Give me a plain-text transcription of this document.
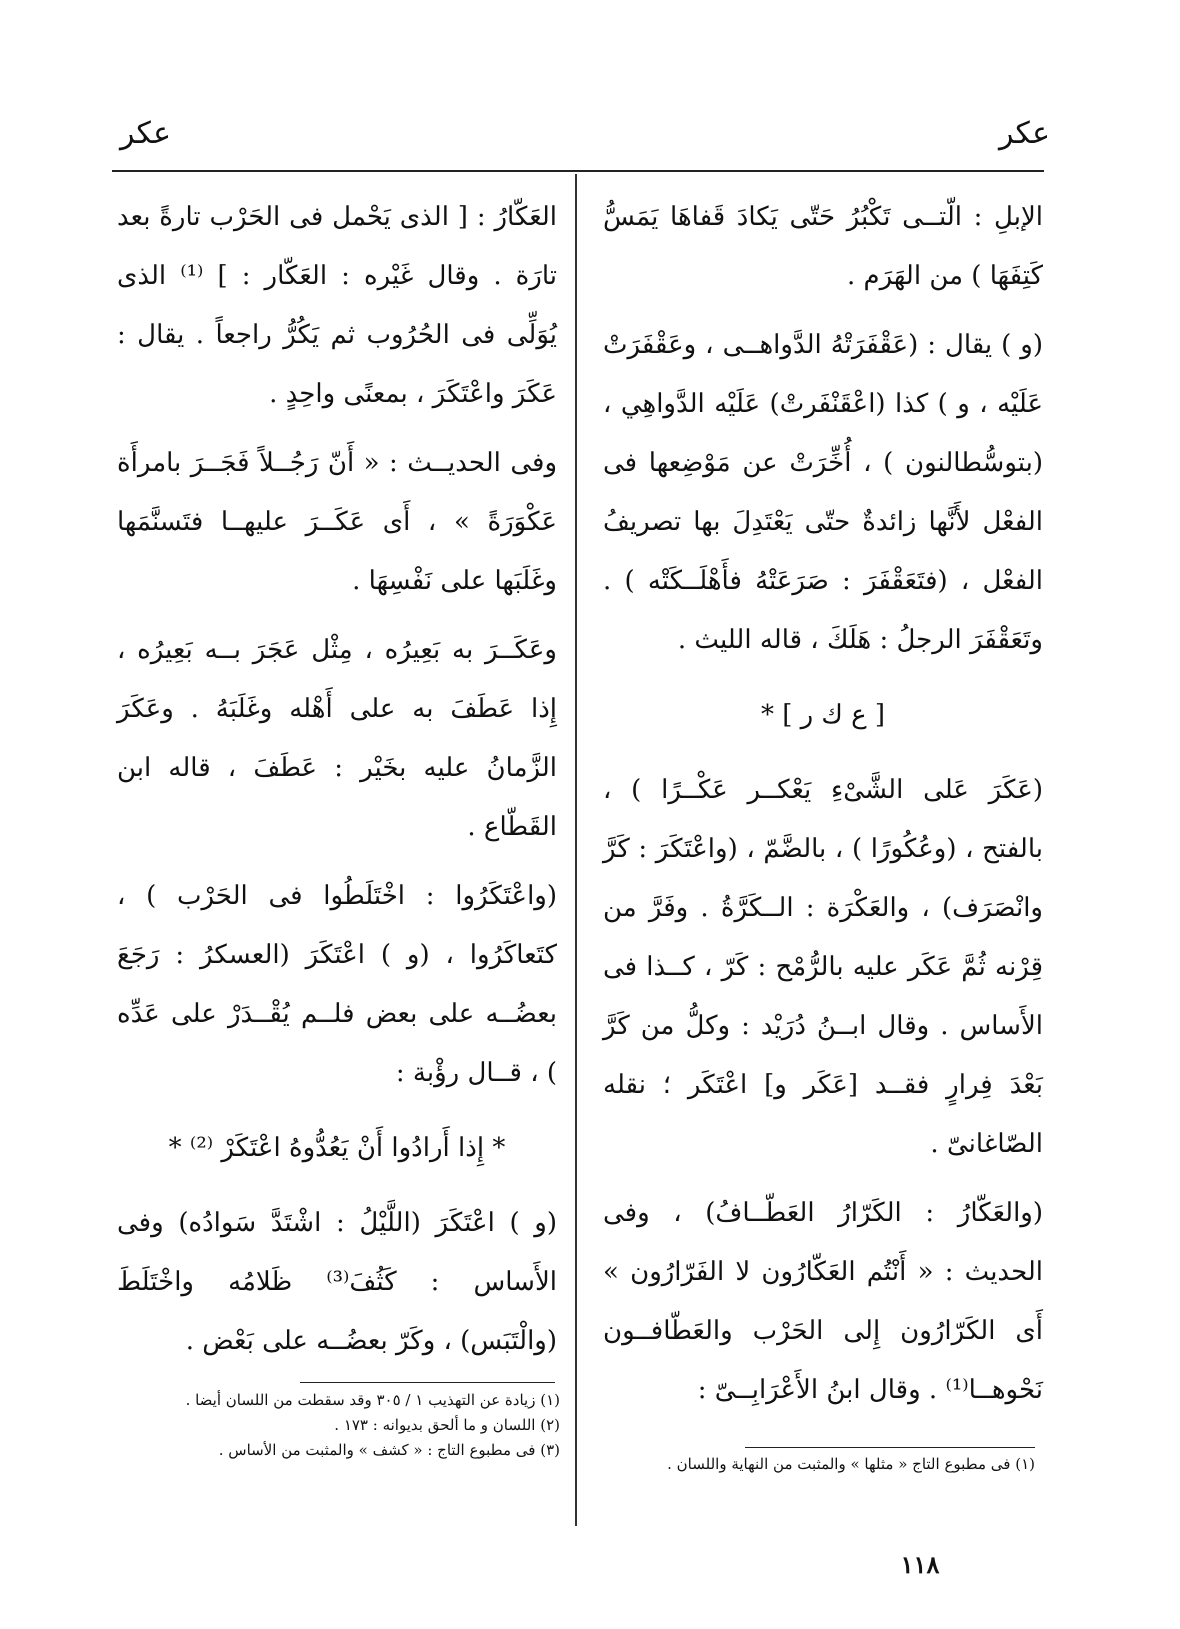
عكر
عكر

الإبلِ : الّتــى تَكْبُرُ حَتّى يَكادَ قَفاهَا يَمَسُّ كَتِفَهَا ) من الهَرَم .

(و ) يقال : (عَقْفَرَتْهُ الدَّواهــى ، وعَقْفَرَتْ عَلَيْه ، و ) كذا (اعْقَنْفَرتْ) عَلَيْه الدَّواهِي ، (بتوسُّطالنون ) ، أُخِّرَتْ عن مَوْضِعها فى الفعْل لأَنَّها زائدةٌ حتّى يَعْتَدِلَ بها تصريفُ الفعْل ، (فتَعَقْفَرَ : صَرَعَتْهُ فأَهْلَــكَتْه ) . وتَعَقْفَرَ الرجلُ : هَلَكَ ، قاله الليث .

[ ع ك ر ] *

(عَكَرَ عَلى الشَّىْءِ يَعْكــر عَكْــرًا ) ، بالفتح ، (وعُكُورًا ) ، بالضَّمّ ، (واعْتَكَرَ : كَرَّ وانْصَرَف) ، والعَكْرَة : الــكَرَّةُ . وفَرَّ من قِرْنه ثُمَّ عَكَر عليه بالرُّمْح : كَرّ ، كــذا فى الأَساس . وقال ابــنُ دُرَيْد : وكلُّ من كَرَّ بَعْدَ فِرارٍ فقــد [عَكَر و] اعْتَكَر ؛ نقله الصّاغانىّ .

(والعَكّارُ : الكَرّارُ العَطّــافُ) ، وفى الحديث : « أَنْتُم العَكّارُون لا الفَرّارُون » أَى الكَرّارُون إِلى الحَرْب والعَطّافــون نَحْوهــا⁽¹⁾ . وقال ابنُ الأَعْرَابِــىّ :

العَكّارُ : [ الذى يَحْمل فى الحَرْب تارةً بعد تارَة . وقال غَيْره : العَكّار : ] ⁽¹⁾ الذى يُوَلِّى فى الحُرُوب ثم يَكُرُّ راجعاً . يقال : عَكَرَ واعْتَكَرَ ، بمعنًى واحِدٍ .

وفى الحديــث : « أَنّ رَجُــلاً فَجَــرَ بامرأَة عَكْوَرَةً » ، أَى عَكَــرَ عليهــا فتَسنَّمَها وغَلَبَها على نَفْسِهَا .

وعَكَــرَ به بَعِيرُه ، مِثْل عَجَرَ بــه بَعِيرُه ، إِذا عَطَفَ به على أَهْله وغَلَبَهُ . وعَكَرَ الزَّمانُ عليه بخَيْر : عَطَفَ ، قاله ابن القَطّاع .

(واعْتَكَرُوا : اخْتَلَطُوا فى الحَرْب ) ، كتَعاكَرُوا ، (و ) اعْتَكَرَ (العسكرُ : رَجَعَ بعضُــه على بعض فلــم يُقْــدَرْ على عَدِّه ) ، قــال رؤْبة :

* إِذا أَرادُوا أَنْ يَعُدُّوهُ اعْتَكَرْ ⁽²⁾ *

(و ) اعْتَكَرَ (اللَّيْلُ : اشْتَدَّ سَوادُه) وفى الأَساس : كَثُفَ⁽³⁾ ظَلامُه واخْتَلَطَ (والْتَبَس) ، وكَرّ بعضُــه على بَعْض .

(١) فى مطبوع التاج « مثلها » والمثبت من النهاية واللسان .
(١) زيادة عن التهذيب ١ / ٣٠٥ وقد سقطت من اللسان أيضا .
(٢) اللسان و ما ألحق بديوانه : ١٧٣ .
(٣) فى مطبوع التاج : « كشف » والمثبت من الأساس .
١١٨
